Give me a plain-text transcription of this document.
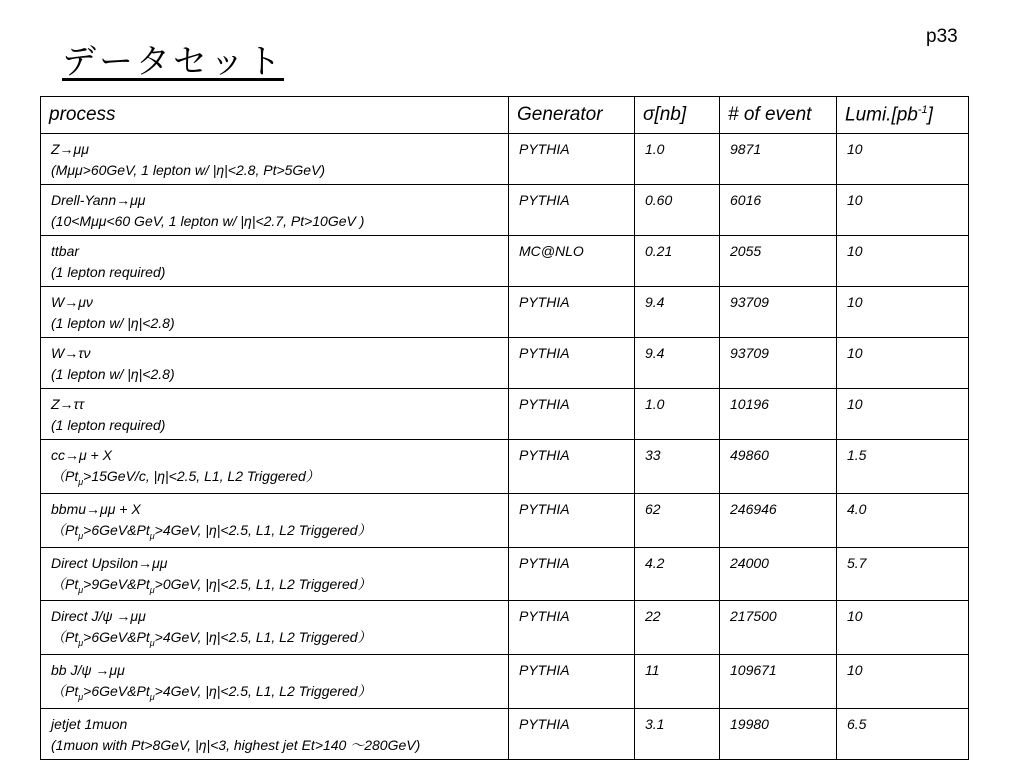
p33
データセット
process	Generator	σ[nb]	# of event	$Lumi.[pb^{-1}]$

Z→μμ
(Mμμ>60GeV, 1 lepton w/ |η|<2.8, Pt>5GeV)	PYTHIA	1.0	9871	10

Drell-Yann→μμ
(10<Mμμ<60 GeV, 1 lepton w/ |η|<2.7, Pt>10GeV )	PYTHIA	0.60	6016	10

ttbar
(1 lepton required)	MC@NLO	0.21	2055	10

W→μν
(1 lepton w/ |η|<2.8)	PYTHIA	9.4	93709	10

W→τν
(1 lepton w/ |η|<2.8)	PYTHIA	9.4	93709	10

Z→ττ
(1 lepton required)	PYTHIA	1.0	10196	10

cc→μ + X
（$Pt_\mu>15GeV/c$, |η|<2.5, L1, L2 Triggered）	PYTHIA	33	49860	1.5

bbmu→μμ + X
（$Pt_\mu>6GeV\&Pt_\mu>4GeV$, |η|<2.5, L1, L2 Triggered）	PYTHIA	62	246946	4.0

Direct Upsilon→μμ
（$Pt_\mu>9GeV\&Pt_\mu>0GeV$, |η|<2.5, L1, L2 Triggered）	PYTHIA	4.2	24000	5.7

Direct J/ψ →μμ
（$Pt_\mu>6GeV\&Pt_\mu>4GeV$, |η|<2.5, L1, L2 Triggered）	PYTHIA	22	217500	10

bb J/ψ →μμ
（$Pt_\mu>6GeV\&Pt_\mu>4GeV$, |η|<2.5, L1, L2 Triggered）	PYTHIA	11	109671	10

jetjet 1muon
(1muon with Pt>8GeV, |η|<3, highest jet Et>140 〜280GeV)	PYTHIA	3.1	19980	6.5
